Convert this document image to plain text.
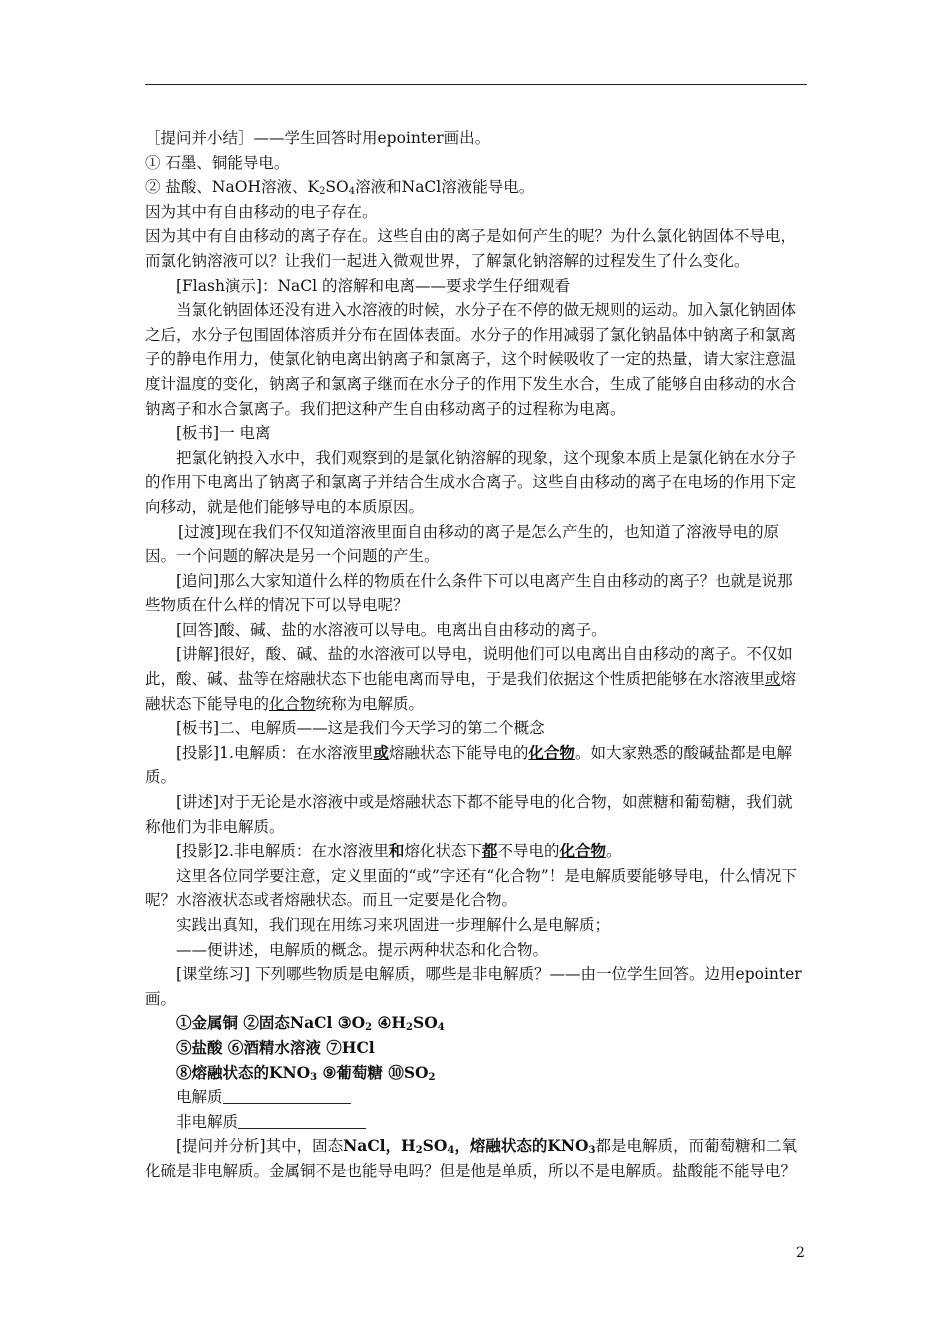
［提问并小结］——学生回答时用epointer画出。

① 石墨、铜能导电。

② 盐酸、NaOH溶液、$K_2SO_4$溶液和NaCl溶液能导电。

因为其中有自由移动的电子存在。

因为其中有自由移动的离子存在。这些自由的离子是如何产生的呢？为什么氯化钠固体不导电，而氯化钠溶液可以？让我们一起进入微观世界，了解氯化钠溶解的过程发生了什么变化。

[Flash演示]：NaCl 的溶解和电离——要求学生仔细观看

当氯化钠固体还没有进入水溶液的时候，水分子在不停的做无规则的运动。加入氯化钠固体之后，水分子包围固体溶质并分布在固体表面。水分子的作用减弱了氯化钠晶体中钠离子和氯离子的静电作用力，使氯化钠电离出钠离子和氯离子，这个时候吸收了一定的热量，请大家注意温度计温度的变化，钠离子和氯离子继而在水分子的作用下发生水合，生成了能够自由移动的水合钠离子和水合氯离子。我们把这种产生自由移动离子的过程称为电离。

[板书]一 电离

把氯化钠投入水中，我们观察到的是氯化钠溶解的现象，这个现象本质上是氯化钠在水分子的作用下电离出了钠离子和氯离子并结合生成水合离子。这些自由移动的离子在电场的作用下定向移动，就是他们能够导电的本质原因。

[过渡]现在我们不仅知道溶液里面自由移动的离子是怎么产生的，也知道了溶液导电的原因。一个问题的解决是另一个问题的产生。

[追问]那么大家知道什么样的物质在什么条件下可以电离产生自由移动的离子？也就是说那些物质在什么样的情况下可以导电呢？

[回答]酸、碱、盐的水溶液可以导电。电离出自由移动的离子。

[讲解]很好，酸、碱、盐的水溶液可以导电，说明他们可以电离出自由移动的离子。不仅如此，酸、碱、盐等在熔融状态下也能电离而导电，于是我们依据这个性质把能够在水溶液里或熔融状态下能导电的化合物统称为电解质。

[板书]二、电解质——这是我们今天学习的第二个概念

[投影]1.电解质：在水溶液里或熔融状态下能导电的化合物。如大家熟悉的酸碱盐都是电解质。

[讲述]对于无论是水溶液中或是熔融状态下都不能导电的化合物，如蔗糖和葡萄糖，我们就称他们为非电解质。

[投影]2.非电解质：在水溶液里和熔化状态下都不导电的化合物。

这里各位同学要注意，定义里面的“或”字还有“化合物”！是电解质要能够导电，什么情况下呢？水溶液状态或者熔融状态。而且一定要是化合物。

实践出真知，我们现在用练习来巩固进一步理解什么是电解质；

——便讲述，电解质的概念。提示两种状态和化合物。

[课堂练习] 下列哪些物质是电解质，哪些是非电解质？——由一位学生回答。边用epointer画。

①金属铜 ②固态NaCl $③O_2$ $④H_2SO_4$

⑤盐酸 ⑥酒精水溶液 ⑦HCl

⑧熔融状态的$KNO_3$ ⑨葡萄糖 $⑩SO_2$

电解质

非电解质

[提问并分析]其中，固态NaCl，$H_2SO_4$，熔融状态的$KNO_3$都是电解质，而葡萄糖和二氧化硫是非电解质。金属铜不是也能导电吗？但是他是单质，所以不是电解质。盐酸能不能导电？

2
